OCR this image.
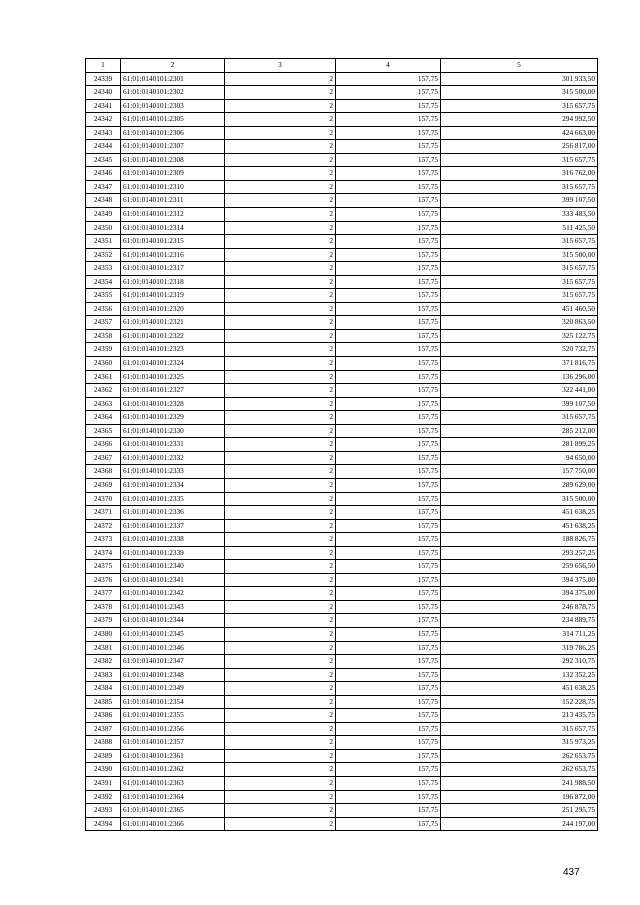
1	2	3	4	5
24339	61:01:0140101:2301	2	157,75	301 933,50
24340	61:01:0140101:2302	2	157,75	315 500,00
24341	61:01:0140101:2303	2	157,75	315 657,75
24342	61:01:0140101:2305	2	157,75	294 992,50
24343	61:01:0140101:2306	2	157,75	424 663,00
24344	61:01:0140101:2307	2	157,75	256 817,00
24345	61:01:0140101:2308	2	157,75	315 657,75
24346	61:01:0140101:2309	2	157,75	316 762,00
24347	61:01:0140101:2310	2	157,75	315 657,75
24348	61:01:0140101:2311	2	157,75	399 107,50
24349	61:01:0140101:2312	2	157,75	333 483,50
24350	61:01:0140101:2314	2	157,75	511 425,50
24351	61:01:0140101:2315	2	157,75	315 657,75
24352	61:01:0140101:2316	2	157,75	315 500,00
24353	61:01:0140101:2317	2	157,75	315 657,75
24354	61:01:0140101:2318	2	157,75	315 657,75
24355	61:01:0140101:2319	2	157,75	315 657,75
24356	61:01:0140101:2320	2	157,75	451 460,50
24357	61:01:0140101:2321	2	157,75	320 863,50
24358	61:01:0140101:2322	2	157,75	325 122,75
24359	61:01:0140101:2323	2	157,75	520 732,75
24360	61:01:0140101:2324	2	157,75	371 816,75
24361	61:01:0140101:2325	2	157,75	136 296,00
24362	61:01:0140101:2327	2	157,75	322 441,00
24363	61:01:0140101:2328	2	157,75	399 107,50
24364	61:01:0140101:2329	2	157,75	315 657,75
24365	61:01:0140101:2330	2	157,75	285 212,00
24366	61:01:0140101:2331	2	157,75	281 899,25
24367	61:01:0140101:2332	2	157,75	94 650,00
24368	61:01:0140101:2333	2	157,75	157 750,00
24369	61:01:0140101:2334	2	157,75	289 629,00
24370	61:01:0140101:2335	2	157,75	315 500,00
24371	61:01:0140101:2336	2	157,75	451 638,25
24372	61:01:0140101:2337	2	157,75	451 638,25
24373	61:01:0140101:2338	2	157,75	188 826,75
24374	61:01:0140101:2339	2	157,75	293 257,25
24375	61:01:0140101:2340	2	157,75	259 656,50
24376	61:01:0140101:2341	2	157,75	394 375,00
24377	61:01:0140101:2342	2	157,75	394 375,00
24378	61:01:0140101:2343	2	157,75	246 878,75
24379	61:01:0140101:2344	2	157,75	234 889,75
24380	61:01:0140101:2345	2	157,75	314 711,25
24381	61:01:0140101:2346	2	157,75	319 786,25
24382	61:01:0140101:2347	2	157,75	292 310,75
24383	61:01:0140101:2348	2	157,75	132 352,25
24384	61:01:0140101:2349	2	157,75	451 638,25
24385	61:01:0140101:2354	2	157,75	152 228,75
24386	61:01:0140101:2355	2	157,75	213 435,75
24387	61:01:0140101:2356	2	157,75	315 657,75
24388	61:01:0140101:2357	2	157,75	315 973,25
24389	61:01:0140101:2361	2	157,75	262 653,75
24390	61:01:0140101:2362	2	157,75	262 653,75
24391	61:01:0140101:2363	2	157,75	241 988,50
24392	61:01:0140101:2364	2	157,75	196 872,00
24393	61:01:0140101:2365	2	157,75	251 295,75
24394	61:01:0140101:2366	2	157,75	244 197,00
437
